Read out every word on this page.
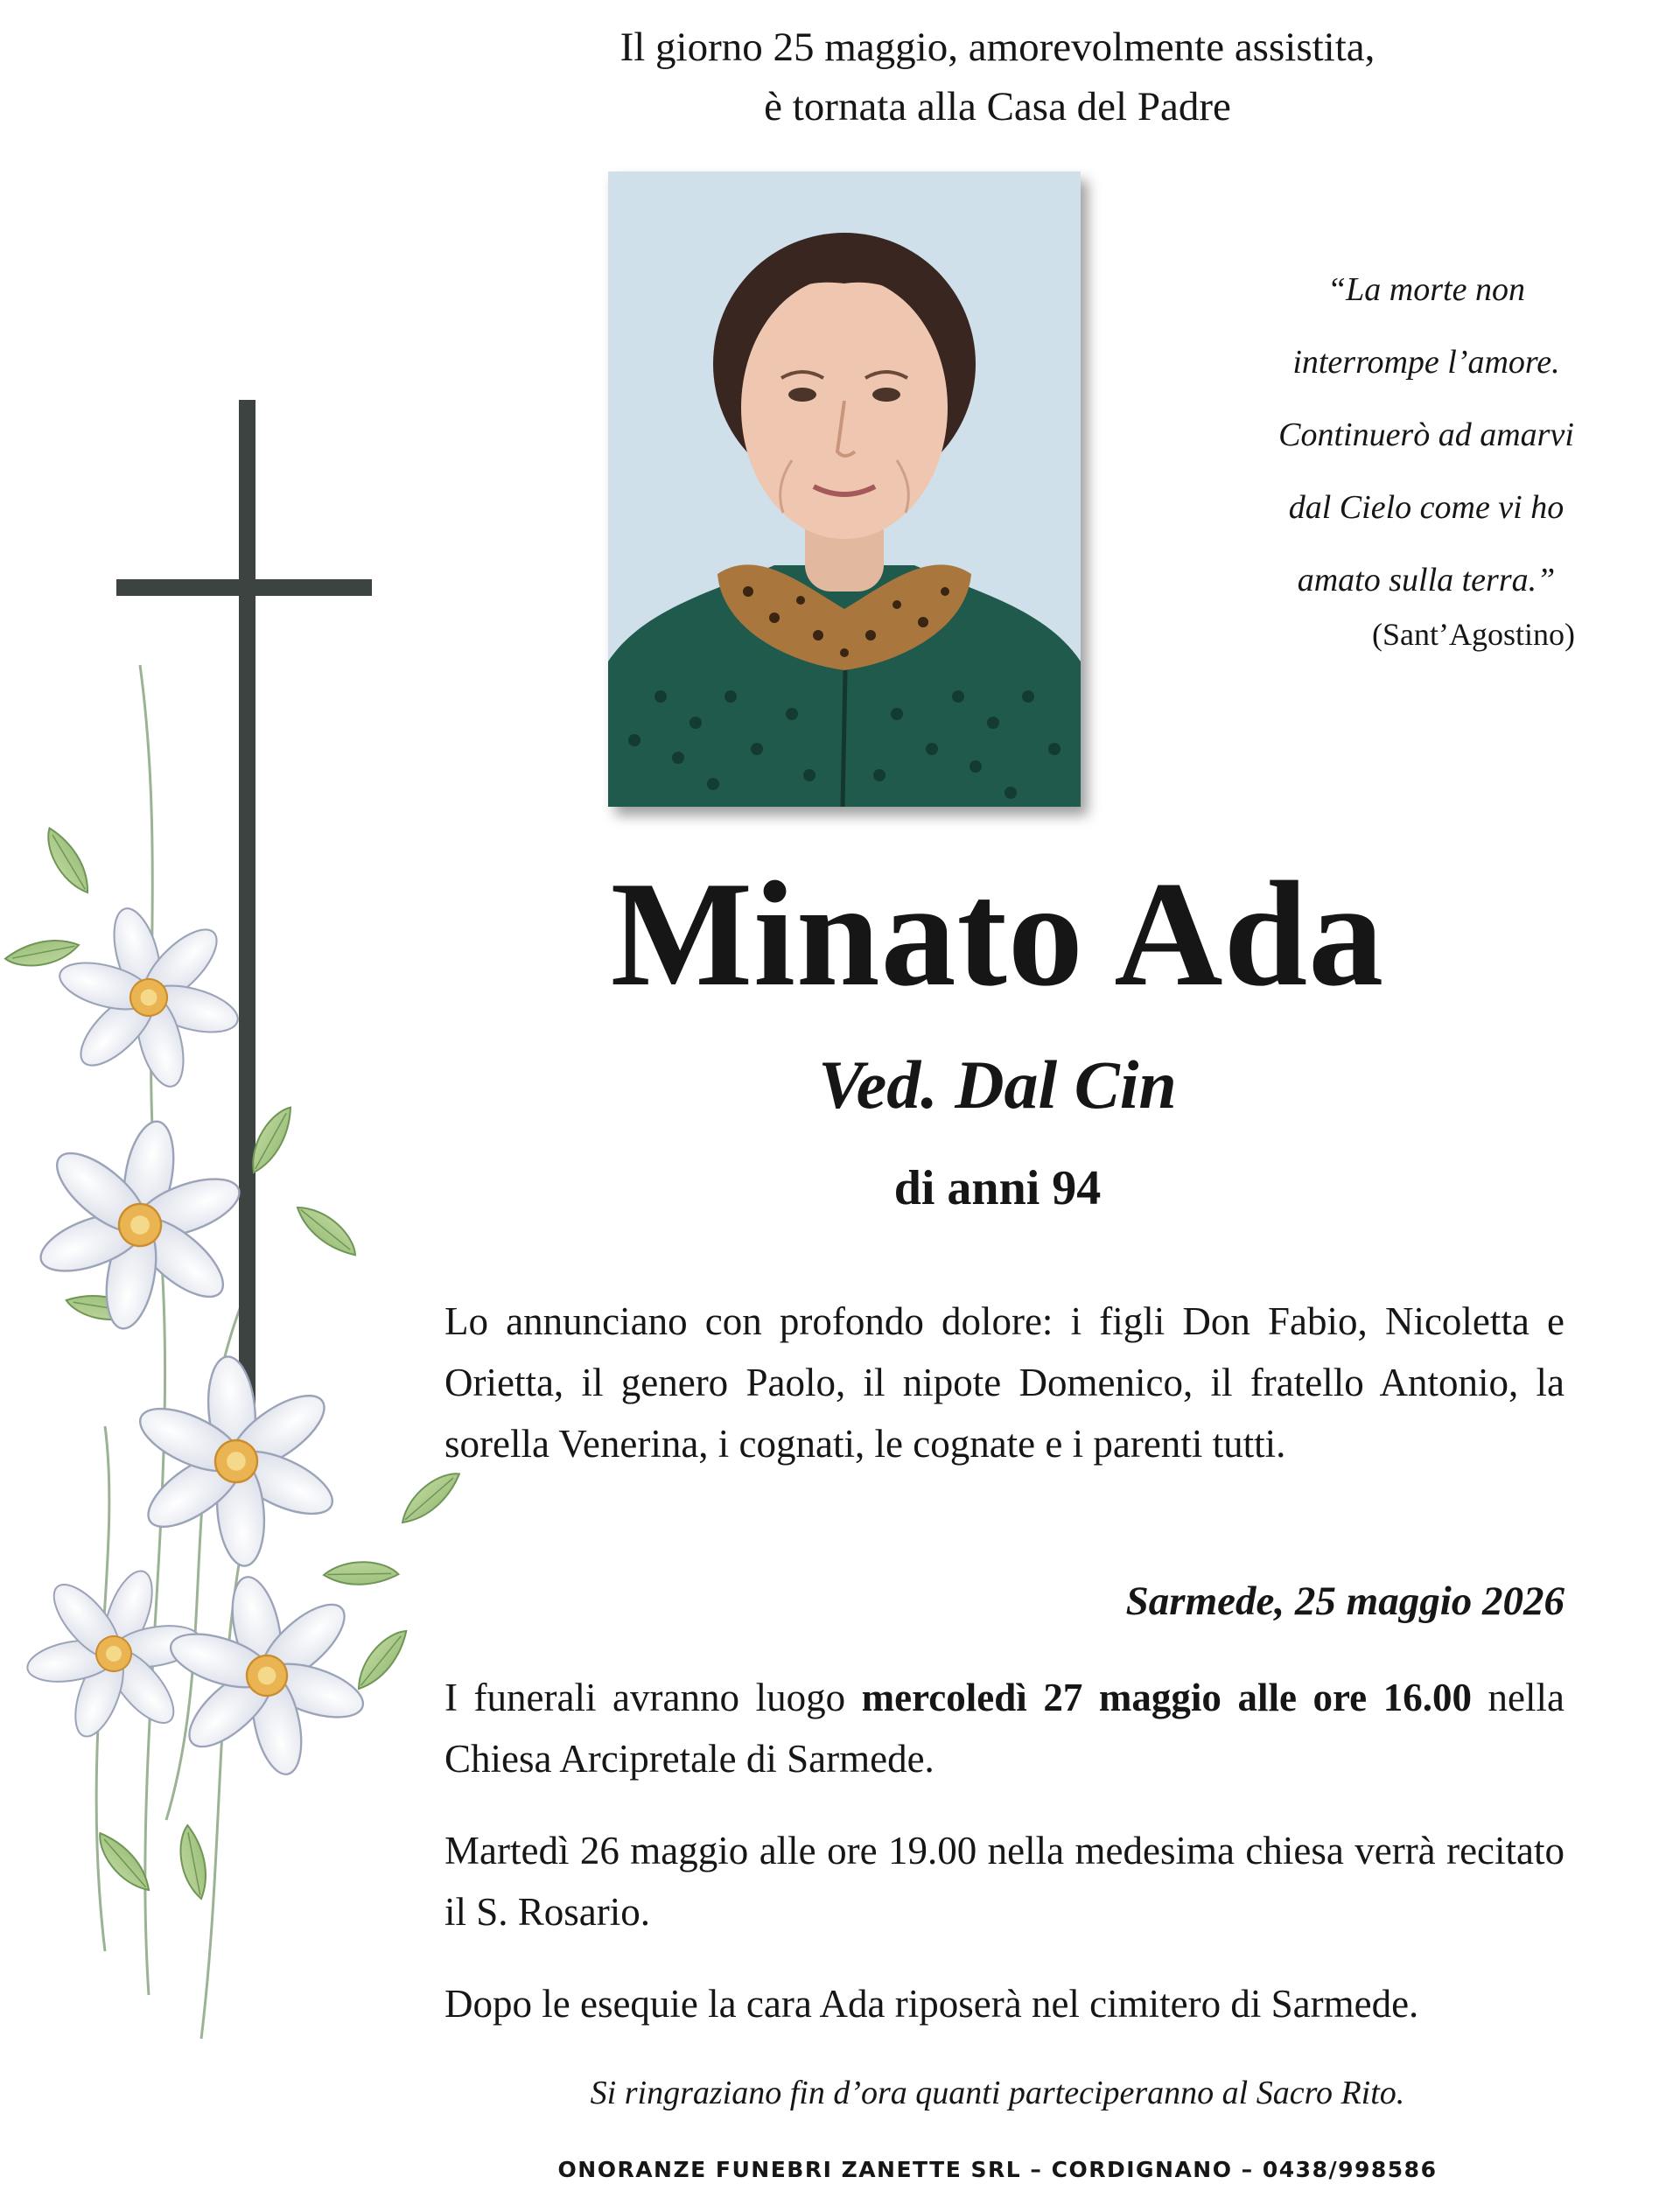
Il giorno 25 maggio, amorevolmente assistita,
è tornata alla Casa del Padre
“La morte non
interrompe l’amore.
Continuerò ad amarvi
dal Cielo come vi ho
amato sulla terra.”
(Sant’Agostino)
Minato Ada
Ved. Dal Cin
di anni 94
Lo annunciano con profondo dolore: i figli Don Fabio, Nicoletta e Orietta, il genero Paolo, il nipote Domenico, il fratello Antonio, la sorella Venerina, i cognati, le cognate e i parenti tutti.
Sarmede, 25 maggio 2026
I funerali avranno luogo mercoledì 27 maggio alle ore 16.00 nella Chiesa Arcipretale di Sarmede.
Martedì 26 maggio alle ore 19.00 nella medesima chiesa verrà recitato il S. Rosario.
Dopo le esequie la cara Ada riposerà nel cimitero di Sarmede.
Si ringraziano fin d’ora quanti parteciperanno al Sacro Rito.
ONORANZE FUNEBRI ZANETTE SRL – CORDIGNANO – 0438/998586
